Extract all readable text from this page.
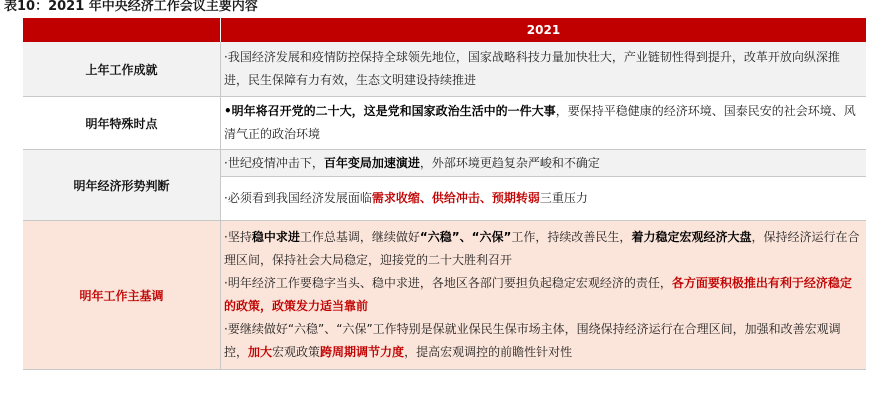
表10：2021 年中央经济工作会议主要内容
	2021
上年工作成就	·我国经济发展和疫情防控保持全球领先地位，国家战略科技力量加快壮大，产业链韧性得到提升，改革开放向纵深推进，民生保障有力有效，生态文明建设持续推进
明年特殊时点	•明年将召开党的二十大，这是党和国家政治生活中的一件大事，要保持平稳健康的经济环境、国泰民安的社会环境、风清气正的政治环境
明年经济形势判断	·世纪疫情冲击下，百年变局加速演进，外部环境更趋复杂严峻和不确定
	·必须看到我国经济发展面临需求收缩、供给冲击、预期转弱三重压力
明年工作主基调	·坚持稳中求进工作总基调，继续做好“六稳”、“六保”工作，持续改善民生，着力稳定宏观经济大盘，保持经济运行在合理区间，保持社会大局稳定，迎接党的二十大胜利召开
·明年经济工作要稳字当头、稳中求进，各地区各部门要担负起稳定宏观经济的责任，各方面要积极推出有利于经济稳定的政策，政策发力适当靠前
·要继续做好“六稳”、“六保”工作特别是保就业保民生保市场主体，围绕保持经济运行在合理区间，加强和改善宏观调控，加大宏观政策跨周期调节力度，提高宏观调控的前瞻性针对性
